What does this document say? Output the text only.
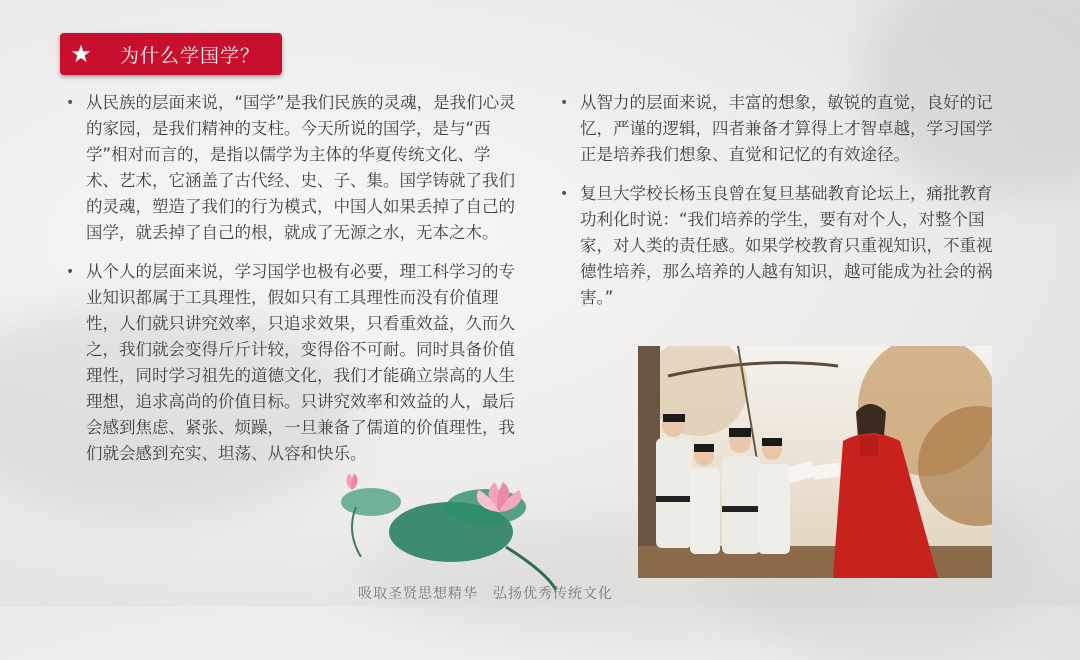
★	为什么学国学？
• 从民族的层面来说，“国学”是我们民族的灵魂，是我们心灵的家园，是我们精神的支柱。今天所说的国学，是与“西学”相对而言的，是指以儒学为主体的华夏传统文化、学术、艺术，它涵盖了古代经、史、子、集。国学铸就了我们的灵魂，塑造了我们的行为模式，中国人如果丢掉了自己的国学，就丢掉了自己的根，就成了无源之水，无本之木。
• 从个人的层面来说，学习国学也极有必要，理工科学习的专业知识都属于工具理性，假如只有工具理性而没有价值理性，人们就只讲究效率，只追求效果，只看重效益，久而久之，我们就会变得斤斤计较，变得俗不可耐。同时具备价值理性，同时学习祖先的道德文化，我们才能确立崇高的人生理想，追求高尚的价值目标。只讲究效率和效益的人，最后会感到焦虑、紧张、烦躁，一旦兼备了儒道的价值理性，我们就会感到充实、坦荡、从容和快乐。
• 从智力的层面来说，丰富的想象，敏锐的直觉，良好的记忆，严谨的逻辑，四者兼备才算得上才智卓越，学习国学正是培养我们想象、直觉和记忆的有效途径。
• 复旦大学校长杨玉良曾在复旦基础教育论坛上，痛批教育功利化时说：“我们培养的学生，要有对个人，对整个国家，对人类的责任感。如果学校教育只重视知识，不重视德性培养，那么培养的人越有知识，越可能成为社会的祸害。”
吸取圣贤思想精华　弘扬优秀传统文化
